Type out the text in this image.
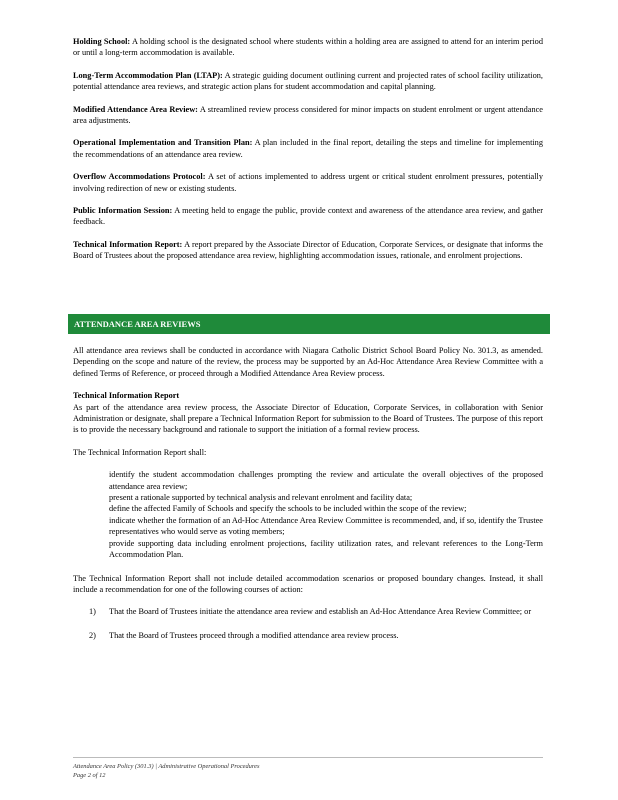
Holding School: A holding school is the designated school where students within a holding area are assigned to attend for an interim period or until a long-term accommodation is available.

Long-Term Accommodation Plan (LTAP): A strategic guiding document outlining current and projected rates of school facility utilization, potential attendance area reviews, and strategic action plans for student accommodation and capital planning.

Modified Attendance Area Review: A streamlined review process considered for minor impacts on student enrolment or urgent attendance area adjustments.

Operational Implementation and Transition Plan: A plan included in the final report, detailing the steps and timeline for implementing the recommendations of an attendance area review.

Overflow Accommodations Protocol: A set of actions implemented to address urgent or critical student enrolment pressures, potentially involving redirection of new or existing students.

Public Information Session: A meeting held to engage the public, provide context and awareness of the attendance area review, and gather feedback.

Technical Information Report: A report prepared by the Associate Director of Education, Corporate Services, or designate that informs the Board of Trustees about the proposed attendance area review, highlighting accommodation issues, rationale, and enrolment projections.

ATTENDANCE AREA REVIEWS

All attendance area reviews shall be conducted in accordance with Niagara Catholic District School Board Policy No. 301.3, as amended. Depending on the scope and nature of the review, the process may be supported by an Ad-Hoc Attendance Area Review Committee with a defined Terms of Reference, or proceed through a Modified Attendance Area Review process.

Technical Information Report

As part of the attendance area review process, the Associate Director of Education, Corporate Services, in collaboration with Senior Administration or designate, shall prepare a Technical Information Report for submission to the Board of Trustees. The purpose of this report is to provide the necessary background and rationale to support the initiation of a formal review process.

The Technical Information Report shall:

identify the student accommodation challenges prompting the review and articulate the overall objectives of the proposed attendance area review;
present a rationale supported by technical analysis and relevant enrolment and facility data;
define the affected Family of Schools and specify the schools to be included within the scope of the review;
indicate whether the formation of an Ad-Hoc Attendance Area Review Committee is recommended, and, if so, identify the Trustee representatives who would serve as voting members;
provide supporting data including enrolment projections, facility utilization rates, and relevant references to the Long-Term Accommodation Plan.

The Technical Information Report shall not include detailed accommodation scenarios or proposed boundary changes. Instead, it shall include a recommendation for one of the following courses of action:

1) That the Board of Trustees initiate the attendance area review and establish an Ad-Hoc Attendance Area Review Committee; or
2) That the Board of Trustees proceed through a modified attendance area review process.
Attendance Area Policy (301.3) | Administrative Operational Procedures
Page 2 of 12
